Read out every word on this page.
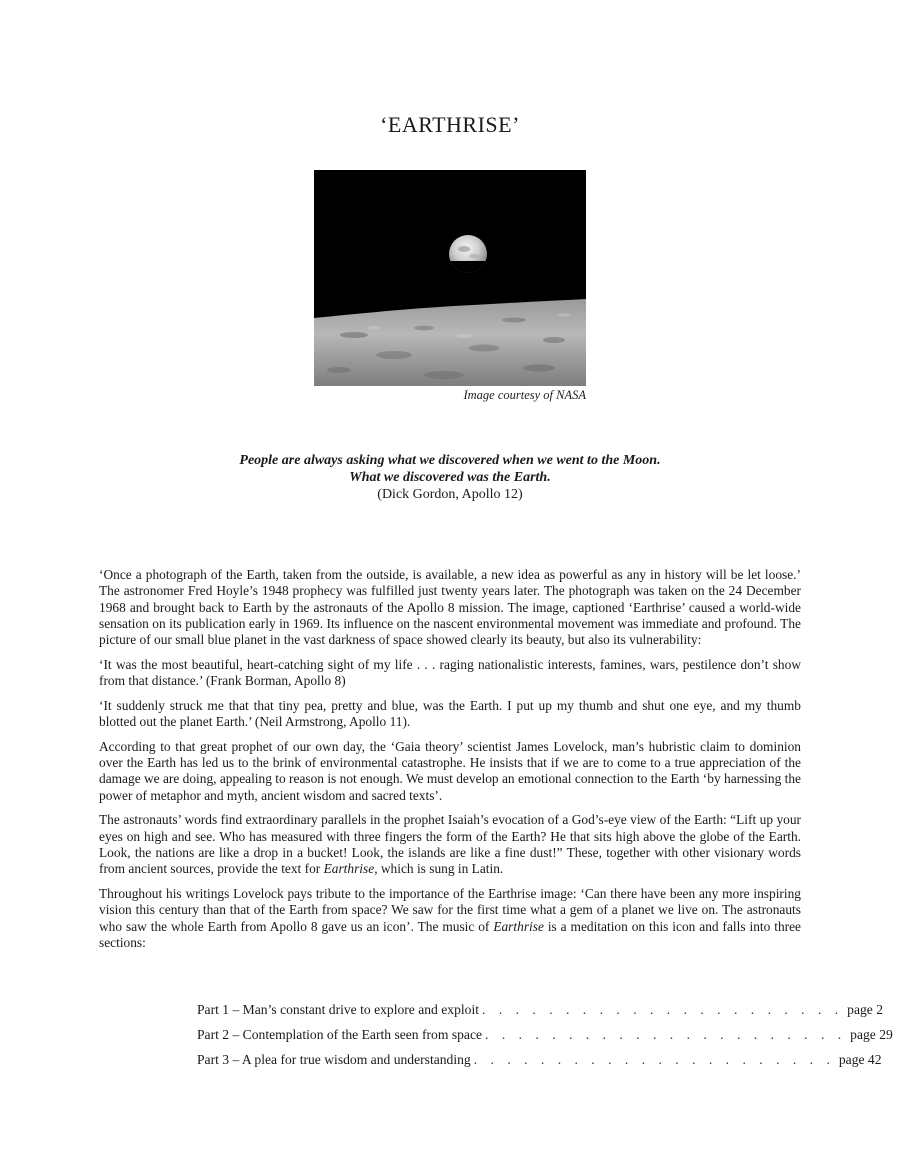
‘EARTHRISE’
Image courtesy of NASA
People are always asking what we discovered when we went to the Moon.
What we discovered was the Earth.
(Dick Gordon, Apollo 12)

‘Once a photograph of the Earth, taken from the outside, is available, a new idea as powerful as any in history will be let loose.’ The astronomer Fred Hoyle’s 1948 prophecy was fulfilled just twenty years later. The photograph was taken on the 24 December 1968 and brought back to Earth by the astronauts of the Apollo 8 mission. The image, captioned ‘Earthrise’ caused a world-wide sensation on its publication early in 1969. Its influence on the nascent environmental movement was immediate and profound. The picture of our small blue planet in the vast darkness of space showed clearly its beauty, but also its vulnerability:

‘It was the most beautiful, heart-catching sight of my life . . . raging nationalistic interests, famines, wars, pestilence don’t show from that distance.’ (Frank Borman, Apollo 8)

‘It suddenly struck me that that tiny pea, pretty and blue, was the Earth. I put up my thumb and shut one eye, and my thumb blotted out the planet Earth.’ (Neil Armstrong, Apollo 11).

According to that great prophet of our own day, the ‘Gaia theory’ scientist James Lovelock, man’s hubristic claim to dominion over the Earth has led us to the brink of environmental catastrophe. He insists that if we are to come to a true appreciation of the damage we are doing, appealing to reason is not enough. We must develop an emotional connection to the Earth ‘by harnessing the power of metaphor and myth, ancient wisdom and sacred texts’.

The astronauts’ words find extraordinary parallels in the prophet Isaiah’s evocation of a God’s-eye view of the Earth: “Lift up your eyes on high and see. Who has measured with three fingers the form of the Earth? He that sits high above the globe of the Earth. Look, the nations are like a drop in a bucket! Look, the islands are like a fine dust!” These, together with other visionary words from ancient sources, provide the text for Earthrise, which is sung in Latin.

Throughout his writings Lovelock pays tribute to the importance of the Earthrise image: ‘Can there have been any more inspiring vision this century than that of the Earth from space? We saw for the first time what a gem of a planet we live on. The astronauts who saw the whole Earth from Apollo 8 gave us an icon’. The music of Earthrise is a meditation on this icon and falls into three sections:

Part 1 – Man’s constant drive to explore and exploit . . . . . . . . . . . . . . . . . . . . . . page 2
Part 2 – Contemplation of the Earth seen from space . . . . . . . . . . . . . . . . . . . . . . page 29
Part 3 – A plea for true wisdom and understanding . . . . . . . . . . . . . . . . . . . . . . page 42
